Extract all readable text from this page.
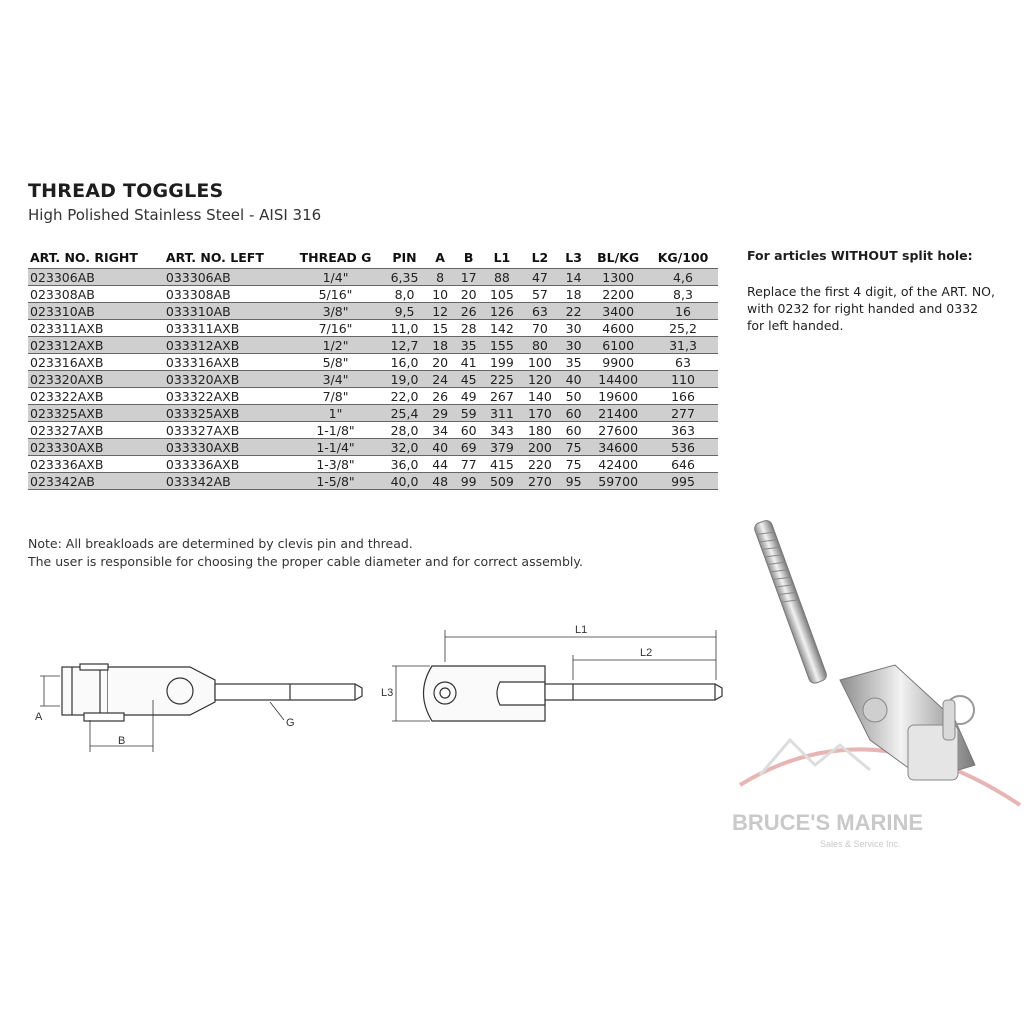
THREAD TOGGLES
High Polished Stainless Steel - AISI 316
ART. NO. RIGHT	ART. NO. LEFT	THREAD G	PIN	A	B	L1	L2	L3	BL/KG	KG/100
023306AB	033306AB	1/4"	6,35	8	17	88	47	14	1300	4,6
023308AB	033308AB	5/16"	8,0	10	20	105	57	18	2200	8,3
023310AB	033310AB	3/8"	9,5	12	26	126	63	22	3400	16
023311AXB	033311AXB	7/16"	11,0	15	28	142	70	30	4600	25,2
023312AXB	033312AXB	1/2"	12,7	18	35	155	80	30	6100	31,3
023316AXB	033316AXB	5/8"	16,0	20	41	199	100	35	9900	63
023320AXB	033320AXB	3/4"	19,0	24	45	225	120	40	14400	110
023322AXB	033322AXB	7/8"	22,0	26	49	267	140	50	19600	166
023325AXB	033325AXB	1"	25,4	29	59	311	170	60	21400	277
023327AXB	033327AXB	1-1/8"	28,0	34	60	343	180	60	27600	363
023330AXB	033330AXB	1-1/4"	32,0	40	69	379	200	75	34600	536
023336AXB	033336AXB	1-3/8"	36,0	44	77	415	220	75	42400	646
023342AB	033342AB	1-5/8"	40,0	48	99	509	270	95	59700	995
Note: All breakloads are determined by clevis pin and thread.
The user is responsible for choosing the proper cable diameter and for correct assembly.
For articles WITHOUT split hole:
Replace the first 4 digit, of the ART. NO, with 0232 for right handed and 0332 for left handed.
A
B
G
L1
L2
L3
BRUCE'S MARINE
Sales & Service Inc.
